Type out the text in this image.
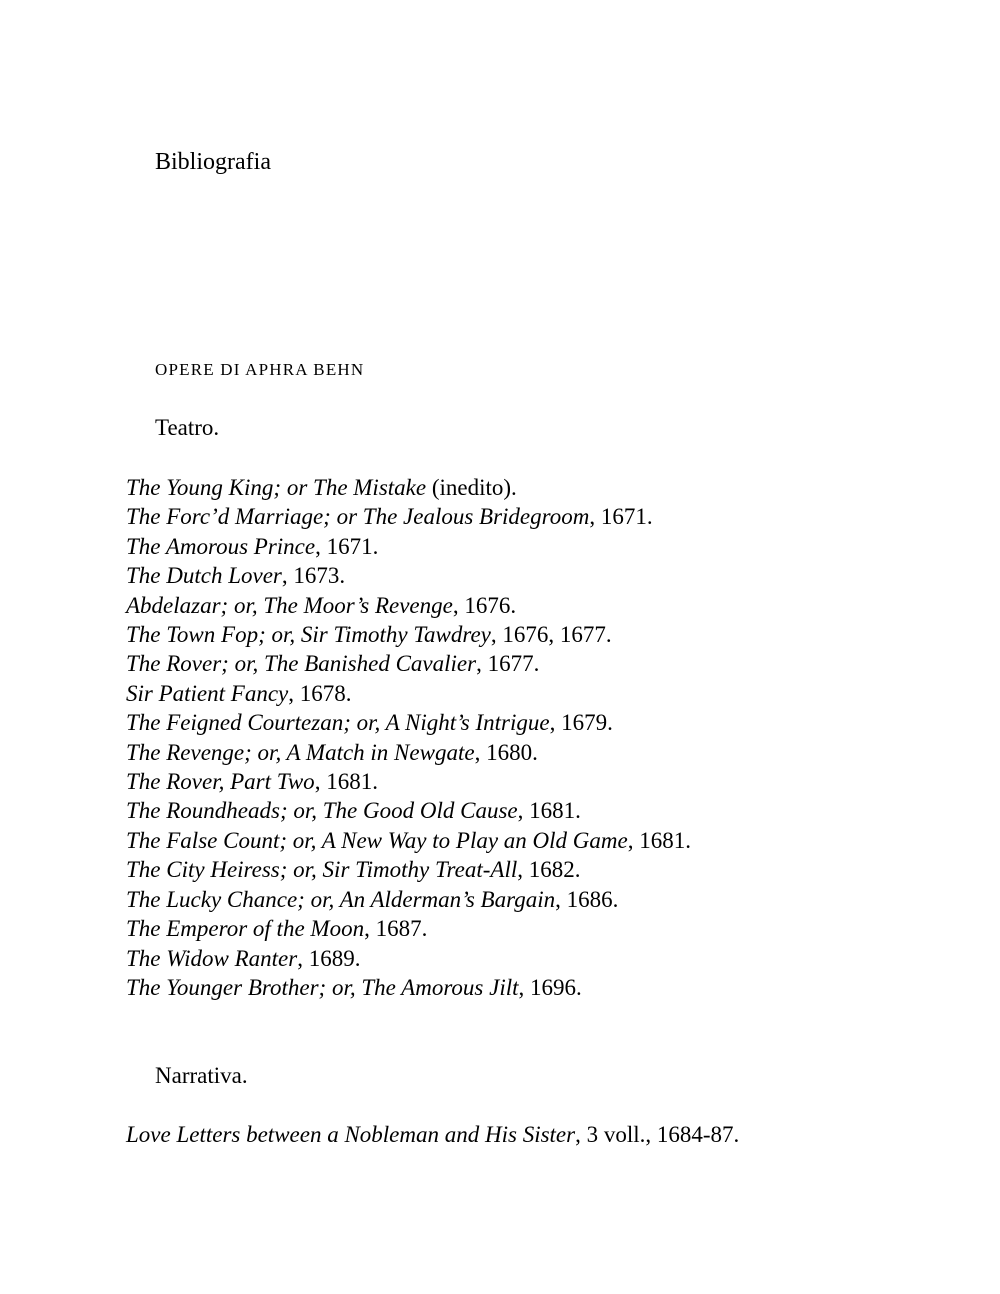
Bibliografia
OPERE DI APHRA BEHN
Teatro.
The Young King; or The Mistake (inedito).
The Forc’d Marriage; or The Jealous Bridegroom, 1671.
The Amorous Prince, 1671.
The Dutch Lover, 1673.
Abdelazar; or, The Moor’s Revenge, 1676.
The Town Fop; or, Sir Timothy Tawdrey, 1676, 1677.
The Rover; or, The Banished Cavalier, 1677.
Sir Patient Fancy, 1678.
The Feigned Courtezan; or, A Night’s Intrigue, 1679.
The Revenge; or, A Match in Newgate, 1680.
The Rover, Part Two, 1681.
The Roundheads; or, The Good Old Cause, 1681.
The False Count; or, A New Way to Play an Old Game, 1681.
The City Heiress; or, Sir Timothy Treat-All, 1682.
The Lucky Chance; or, An Alderman’s Bargain, 1686.
The Emperor of the Moon, 1687.
The Widow Ranter, 1689.
The Younger Brother; or, The Amorous Jilt, 1696.
Narrativa.
Love Letters between a Nobleman and His Sister, 3 voll., 1684-87.
